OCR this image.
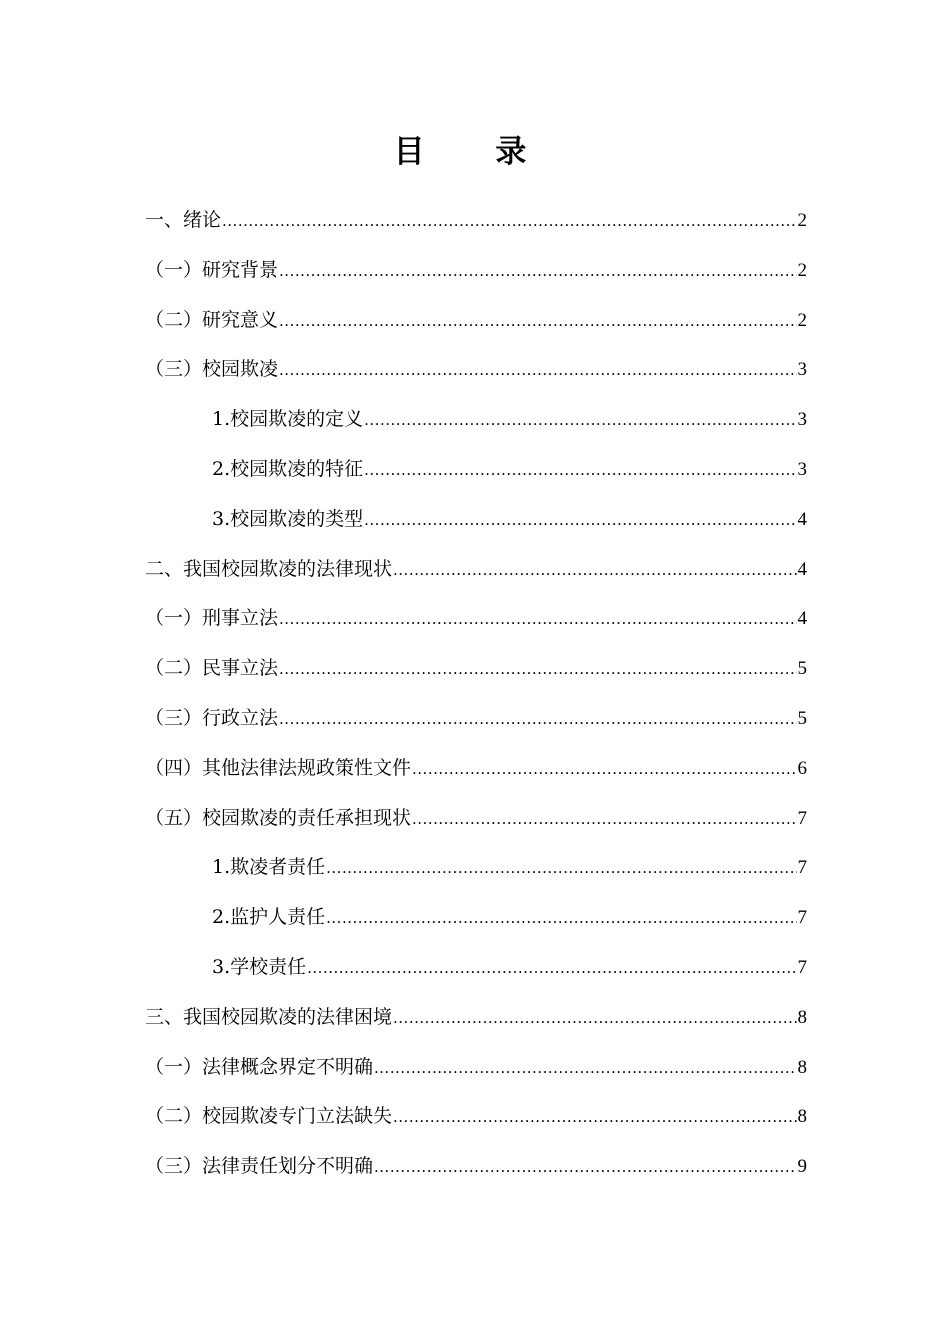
目 录
一、绪论 .....	2
（一）研究背景 .....	2
（二）研究意义 .....	2
（三）校园欺凌 .....	3
1.校园欺凌的定义 .....	3
2.校园欺凌的特征 .....	3
3.校园欺凌的类型 .....	4
二、我国校园欺凌的法律现状 .....	4
（一）刑事立法 .....	4
（二）民事立法 .....	5
（三）行政立法 .....	5
（四）其他法律法规政策性文件 .....	6
（五）校园欺凌的责任承担现状 .....	7
1.欺凌者责任 .....	7
2.监护人责任 .....	7
3.学校责任 .....	7
三、我国校园欺凌的法律困境 .....	8
（一）法律概念界定不明确 .....	8
（二）校园欺凌专门立法缺失 .....	8
（三）法律责任划分不明确 .....	9
